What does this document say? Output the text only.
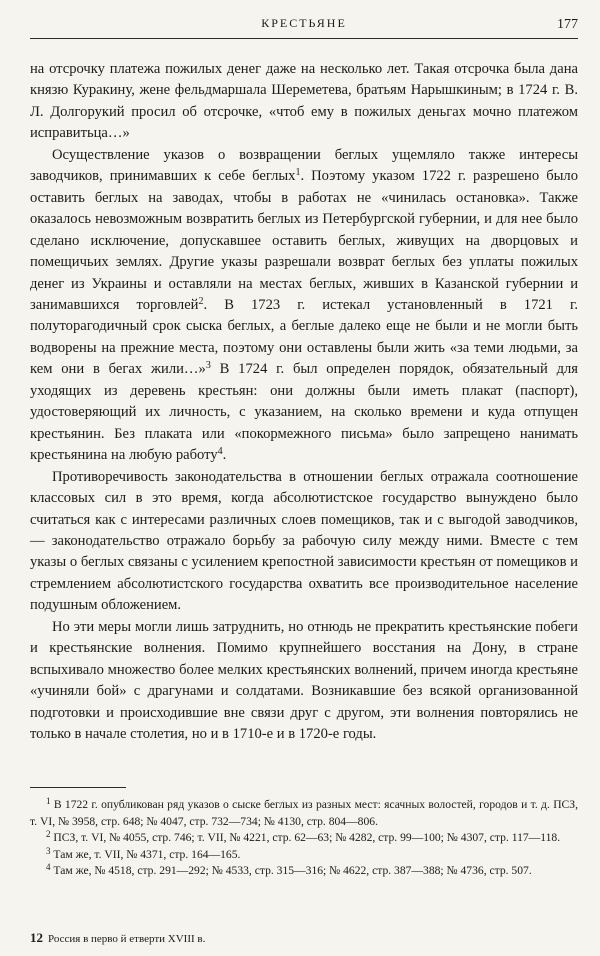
КРЕСТЬЯНЕ	177

на отсрочку платежа пожилых денег даже на несколько лет. Такая отсрочка была дана князю Куракину, жене фельдмаршала Шереметева, братьям Нарышкиным; в 1724 г. В. Л. Долгорукий просил об отсрочке, «чтоб ему в пожилых деньгах мочно платежом исправитьца…»

Осуществление указов о возвращении беглых ущемляло также интересы заводчиков, принимавших к себе беглых$^1$. Поэтому указом 1722 г. разрешено было оставить беглых на заводах, чтобы в работах не «чинилась остановка». Также оказалось невозможным возвратить беглых из Петербургской губернии, и для нее было сделано исключение, допускавшее оставить беглых, живущих на дворцовых и помещичьих землях. Другие указы разрешали возврат беглых без уплаты пожилых денег из Украины и оставляли на местах беглых, живших в Казанской губернии и занимавшихся торговлей$^2$. В 1723 г. истекал установленный в 1721 г. полуторагодичный срок сыска беглых, а беглые далеко еще не были и не могли быть водворены на прежние места, поэтому они оставлены были жить «за теми людьми, за кем они в бегах жили…»$^3$ В 1724 г. был определен порядок, обязательный для уходящих из деревень крестьян: они должны были иметь плакат (паспорт), удостоверяющий их личность, с указанием, на сколько времени и куда отпущен крестьянин. Без плаката или «покормежного письма» было запрещено нанимать крестьянина на любую работу$^4$.

Противоречивость законодательства в отношении беглых отражала соотношение классовых сил в это время, когда абсолютистское государство вынуждено было считаться как с интересами различных слоев помещиков, так и с выгодой заводчиков,— законодательство отражало борьбу за рабочую силу между ними. Вместе с тем указы о беглых связаны с усилением крепостной зависимости крестьян от помещиков и стремлением абсолютистского государства охватить все производительное население подушным обложением.

Но эти меры могли лишь затруднить, но отнюдь не прекратить крестьянские побеги и крестьянские волнения. Помимо крупнейшего восстания на Дону, в стране вспыхивало множество более мелких крестьянских волнений, причем иногда крестьяне «учиняли бой» с драгунами и солдатами. Возникавшие без всякой организованной подготовки и происходившие вне связи друг с другом, эти волнения повторялись не только в начале столетия, но и в 1710-е и в 1720-е годы.

$^1$ В 1722 г. опубликован ряд указов о сыске беглых из разных мест: ясачных волостей, городов и т. д. ПСЗ, т. VI, № 3958, стр. 648; № 4047, стр. 732—734; № 4130, стр. 804—806.

$^2$ ПСЗ, т. VI, № 4055, стр. 746; т. VII, № 4221, стр. 62—63; № 4282, стр. 99—100; № 4307, стр. 117—118.

$^3$ Там же, т. VII, № 4371, стр. 164—165.

$^4$ Там же, № 4518, стр. 291—292; № 4533, стр. 315—316; № 4622, стр. 387—388; № 4736, стр. 507.

12 Россия в перво й етверти XVIII в.
